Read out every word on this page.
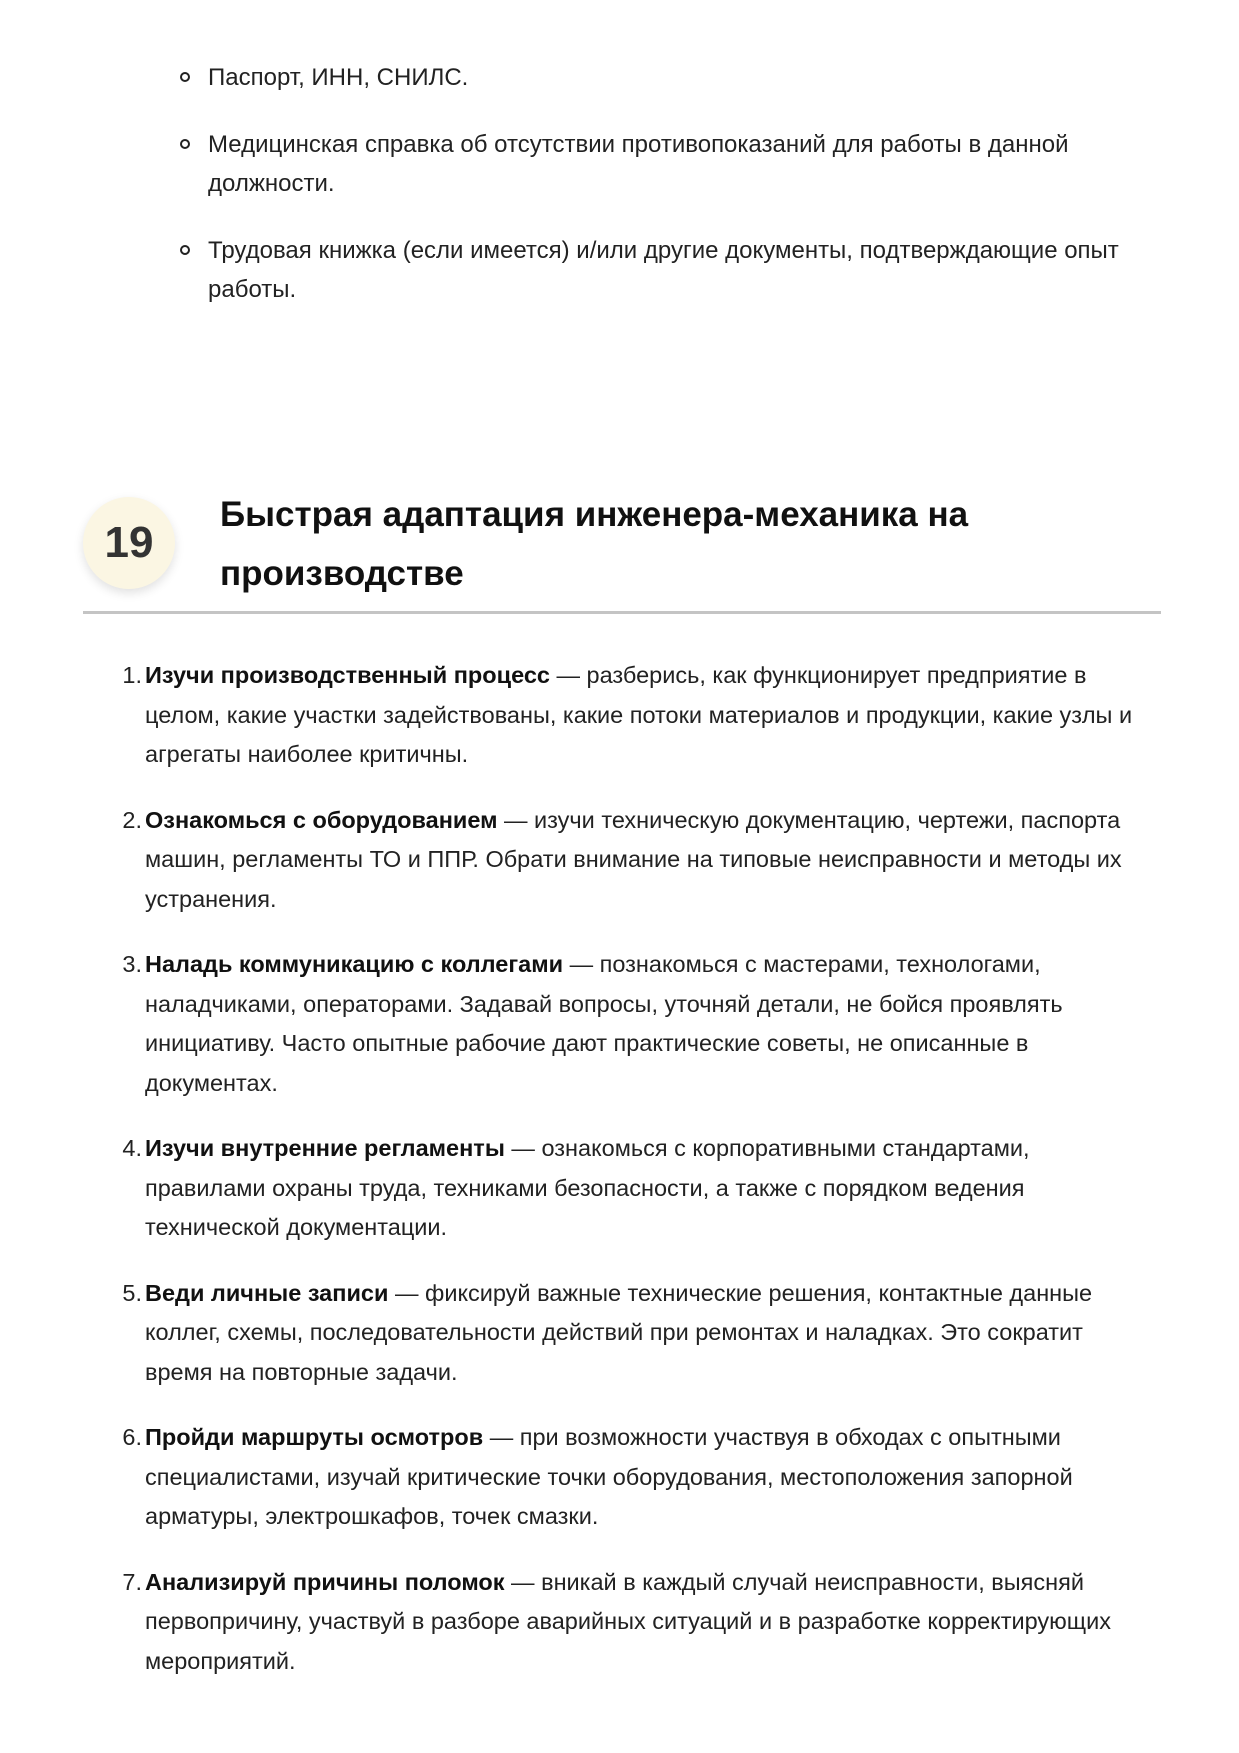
Паспорт, ИНН, СНИЛС.
Медицинская справка об отсутствии противопоказаний для работы в данной должности.
Трудовая книжка (если имеется) и/или другие документы, подтверждающие опыт работы.
19
Быстрая адаптация инженера-механика на производстве
1. Изучи производственный процесс — разберись, как функционирует предприятие в целом, какие участки задействованы, какие потоки материалов и продукции, какие узлы и агрегаты наиболее критичны.
2. Ознакомься с оборудованием — изучи техническую документацию, чертежи, паспорта машин, регламенты ТО и ППР. Обрати внимание на типовые неисправности и методы их устранения.
3. Наладь коммуникацию с коллегами — познакомься с мастерами, технологами, наладчиками, операторами. Задавай вопросы, уточняй детали, не бойся проявлять инициативу. Часто опытные рабочие дают практические советы, не описанные в документах.
4. Изучи внутренние регламенты — ознакомься с корпоративными стандартами, правилами охраны труда, техниками безопасности, а также с порядком ведения технической документации.
5. Веди личные записи — фиксируй важные технические решения, контактные данные коллег, схемы, последовательности действий при ремонтах и наладках. Это сократит время на повторные задачи.
6. Пройди маршруты осмотров — при возможности участвуя в обходах с опытными специалистами, изучай критические точки оборудования, местоположения запорной арматуры, электрошкафов, точек смазки.
7. Анализируй причины поломок — вникай в каждый случай неисправности, выясняй первопричину, участвуй в разборе аварийных ситуаций и в разработке корректирующих мероприятий.
